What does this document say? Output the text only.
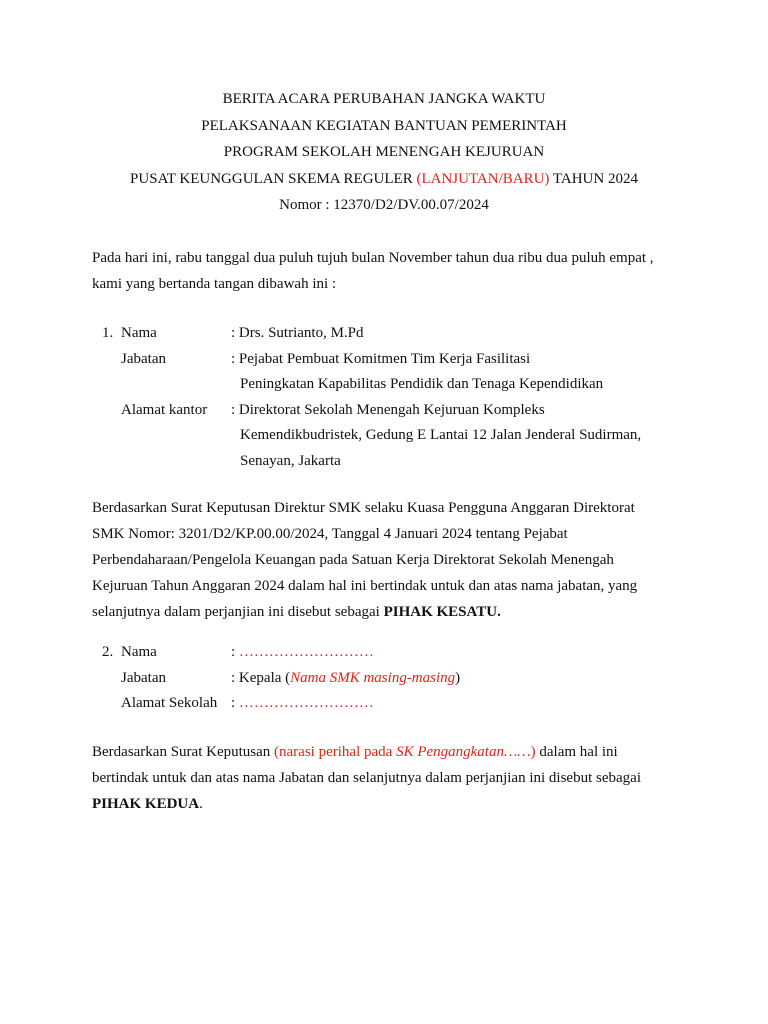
BERITA ACARA PERUBAHAN JANGKA WAKTU
PELAKSANAAN KEGIATAN BANTUAN PEMERINTAH
PROGRAM SEKOLAH MENENGAH KEJURUAN
PUSAT KEUNGGULAN SKEMA REGULER (LANJUTAN/BARU) TAHUN 2024
Nomor : 12370/D2/DV.00.07/2024
Pada hari ini, rabu tanggal dua puluh tujuh bulan November tahun dua ribu dua puluh empat ,
kami yang bertanda tangan dibawah ini :
1. Nama	: Drs. Sutrianto, M.Pd
Jabatan	: Pejabat Pembuat Komitmen Tim Kerja Fasilitasi
Peningkatan Kapabilitas Pendidik dan Tenaga Kependidikan
Alamat kantor : Direktorat Sekolah Menengah Kejuruan Kompleks
Kemendikbudristek, Gedung E Lantai 12 Jalan Jenderal Sudirman,
Senayan, Jakarta
Berdasarkan Surat Keputusan Direktur SMK selaku Kuasa Pengguna Anggaran Direktorat
SMK Nomor: 3201/D2/KP.00.00/2024, Tanggal 4 Januari 2024 tentang Pejabat
Perbendaharaan/Pengelola Keuangan pada Satuan Kerja Direktorat Sekolah Menengah
Kejuruan Tahun Anggaran 2024 dalam hal ini bertindak untuk dan atas nama jabatan, yang
selanjutnya dalam perjanjian ini disebut sebagai PIHAK KESATU.
2. Nama	: ………………………
Jabatan	: Kepala (Nama SMK masing-masing)
Alamat Sekolah : ………………………
Berdasarkan Surat Keputusan (narasi perihal pada SK Pengangkatan……) dalam hal ini
bertindak untuk dan atas nama Jabatan dan selanjutnya dalam perjanjian ini disebut sebagai
PIHAK KEDUA.
